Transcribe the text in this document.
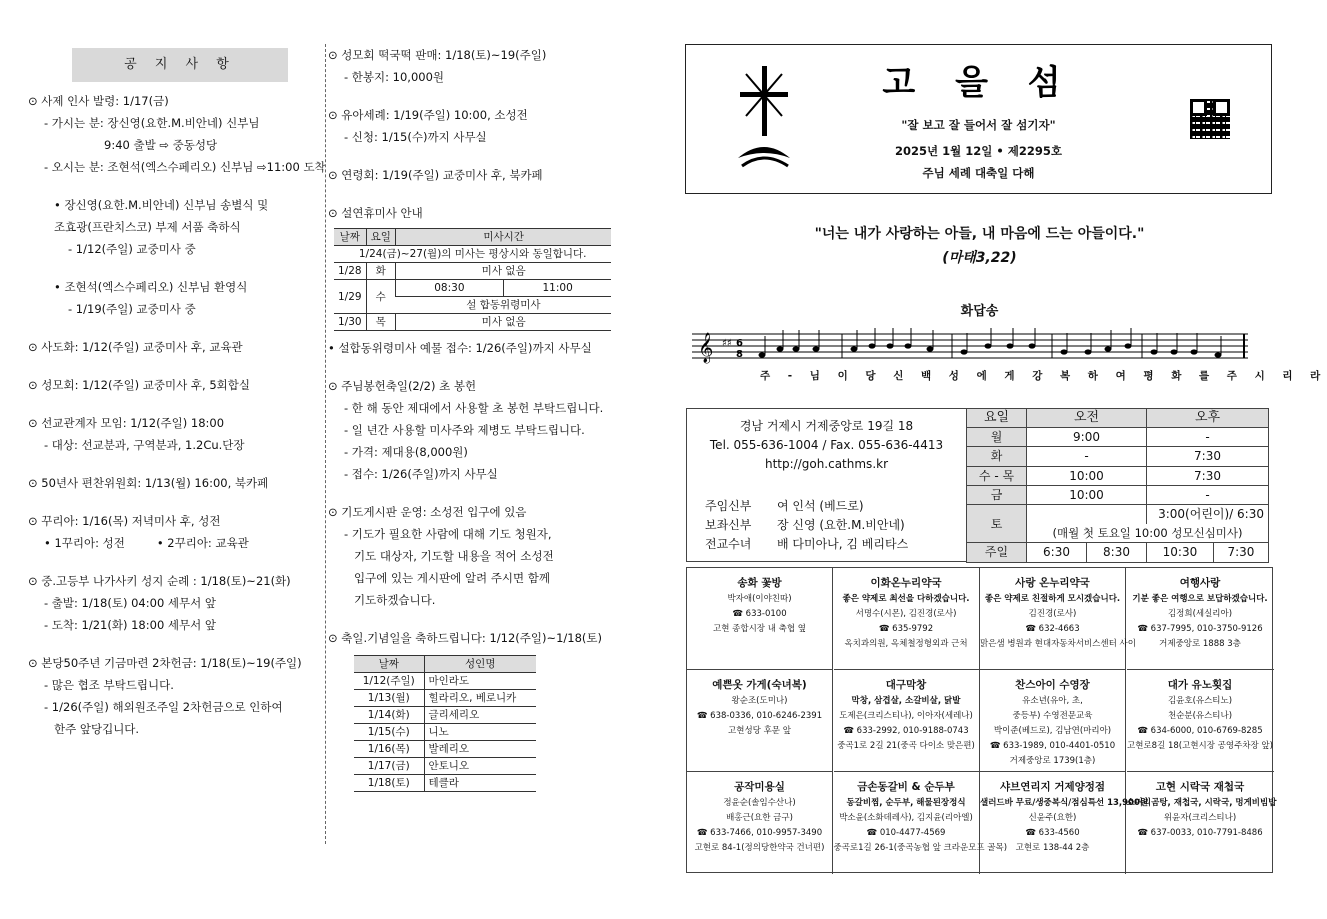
공 지 사 항
⊙ 사제 인사 발령: 1/17(금)
- 가시는 분: 장신영(요한.M.비안네) 신부님
9:40 출발 ⇨ 중동성당
- 오시는 분: 조현석(엑스수페리오) 신부님 ⇨11:00 도착
• 장신영(요한.M.비안네) 신부님 송별식 및
조효광(프란치스코) 부제 서품 축하식
- 1/12(주일) 교중미사 중
• 조현석(엑스수페리오) 신부님 환영식
- 1/19(주일) 교중미사 중
⊙ 사도화: 1/12(주일) 교중미사 후, 교육관
⊙ 성모회: 1/12(주일) 교중미사 후, 5회합실
⊙ 선교관계자 모임: 1/12(주일) 18:00
- 대상: 선교분과, 구역분과, 1.2Cu.단장
⊙ 50년사 편찬위원회: 1/13(월) 16:00, 북카페
⊙ 꾸리아: 1/16(목) 저녁미사 후, 성전
• 1꾸리아: 성전	• 2꾸리아: 교육관
⊙ 중.고등부 나가사키 성지 순례 : 1/18(토)~21(화)
- 출발: 1/18(토) 04:00 세무서 앞
- 도착: 1/21(화) 18:00 세무서 앞
⊙ 본당50주년 기금마련 2차헌금: 1/18(토)~19(주일)
- 많은 협조 부탁드립니다.
- 1/26(주일) 해외원조주일 2차헌금으로 인하여
한주 앞당깁니다.
⊙ 성모회 떡국떡 판매: 1/18(토)~19(주일)
- 한봉지: 10,000원
⊙ 유아세례: 1/19(주일) 10:00, 소성전
- 신청: 1/15(수)까지 사무실
⊙ 연령회: 1/19(주일) 교중미사 후, 북카페
⊙ 설연휴미사 안내
날짜	요일	미사시간	
1/24(금)~27(월)의 미사는 평상시와 동일합니다.			
1/28	화	미사 없음	
1/29	수	08:30	11:00
		설 합동위령미사	
1/30	목	미사 없음	
• 설합동위령미사 예물 접수: 1/26(주일)까지 사무실
⊙ 주님봉헌축일(2/2) 초 봉헌
- 한 해 동안 제대에서 사용할 초 봉헌 부탁드립니다.
- 일 년간 사용할 미사주와 제병도 부탁드립니다.
- 가격: 제대용(8,000원)
- 접수: 1/26(주일)까지 사무실
⊙ 기도게시판 운영: 소성전 입구에 있음
- 기도가 필요한 사람에 대해 기도 청원자,
기도 대상자, 기도할 내용을 적어 소성전
입구에 있는 게시판에 알려 주시면 함께
기도하겠습니다.
⊙ 축일.기념일을 축하드립니다: 1/12(주일)~1/18(토)
날짜	성인명
1/12(주일)	마인라도
1/13(월)	힐라리오, 베로니카
1/14(화)	글리세리오
1/15(수)	니노
1/16(목)	발레리오
1/17(금)	안토니오
1/18(토)	테클라
고 을 섬
"잘 보고 잘 들어서 잘 섬기자"
2025년 1월 12일 • 제2295호
주님 세례 대축일 다해
"너는 내가 사랑하는 아들, 내 마음에 드는 아들이다."
(마태3,22)
화답송
𝄞 ♯♯ 6
8
주 - 님 이 당 신 백 성 에 게 강 복 하 여 평 화 를 주 시 리 라
경남 거제시 거제중앙로 19길 18
Tel. 055-636-1004 / Fax. 055-636-4413
http://goh.cathms.kr
주임신부 여 인석 (베드로)
보좌신부 장 신영 (요한.M.비안네)
전교수녀 배 다미아나, 김 베리타스
요일	오전		오후	
월	9:00		-	
화	-		7:30	
수 - 목	10:00		7:30	
금	10:00		-	
토			3:00(어린이)/ 6:30	
	(매월 첫 토요일 10:00 성모신심미사)			
주일	6:30	8:30	10:30	7:30
송화 꽃방
박자애(이야친따)
☎ 633-0100
고현 종합시장 내 축협 옆
이화온누리약국
좋은 약제로 최선을 다하겠습니다.
서명수(시몬), 김진경(로사)
☎ 635-9792
옥치과의원, 옥체철정형외과 근처
사랑 온누리약국
좋은 약제로 친절하게 모시겠습니다.
김진경(로사)
☎ 632-4663
맑은샘 병원과 현대자동차서비스센터 사이
여행사랑
기분 좋은 여행으로 보답하겠습니다.
김정희(세실리아)
☎ 637-7995, 010-3750-9126
거제중앙로 1888 3층
예쁜옷 가게(숙녀복)
왕순조(도미나)
☎ 638-0336, 010-6246-2391
고현성당 후문 앞
대구막창
막창, 삼겹살, 소갈비살, 닭발
도제은(크리스티나), 이아자(세레나)
☎ 633-2992, 010-9188-0743
중곡1로 2길 21(중곡 다이소 맞은편)
찬스아이 수영장
유소년(유아, 초,
중등부) 수영전문교육
박이준(베드로), 김남연(마리아)
☎ 633-1989, 010-4401-0510
거제중앙로 1739(1층)
대가 유노횟집
김윤호(유스티노)
천순분(유스티나)
☎ 634-6000, 010-6769-8285
고현로8길 18(고현시장 공영주차장 앞)
공작미용실
정윤순(솔임수산나)
배홍근(요한 금구)
☎ 633-7466, 010-9957-3490
고현로 84-1(정의당한약국 건너편)
금손동갈비 & 순두부
동갈비찜, 순두부, 해물된장정식
박소윤(소화데레사), 김지윤(리아엘)
☎ 010-4477-4569
중곡로1길 26-1(중곡농협 앞 크라운모프 골목)
샤브연리지 거제양정점
샐러드바 무료/생중복식/점심특선 13,900원
신윤주(요한)
☎ 633-4560
고현로 138-44 2층
고현 시락국 재첩국
소머리곰탕, 재첩국, 시락국, 멍게비빔밥
위윤자(크리스티나)
☎ 637-0033, 010-7791-8486
